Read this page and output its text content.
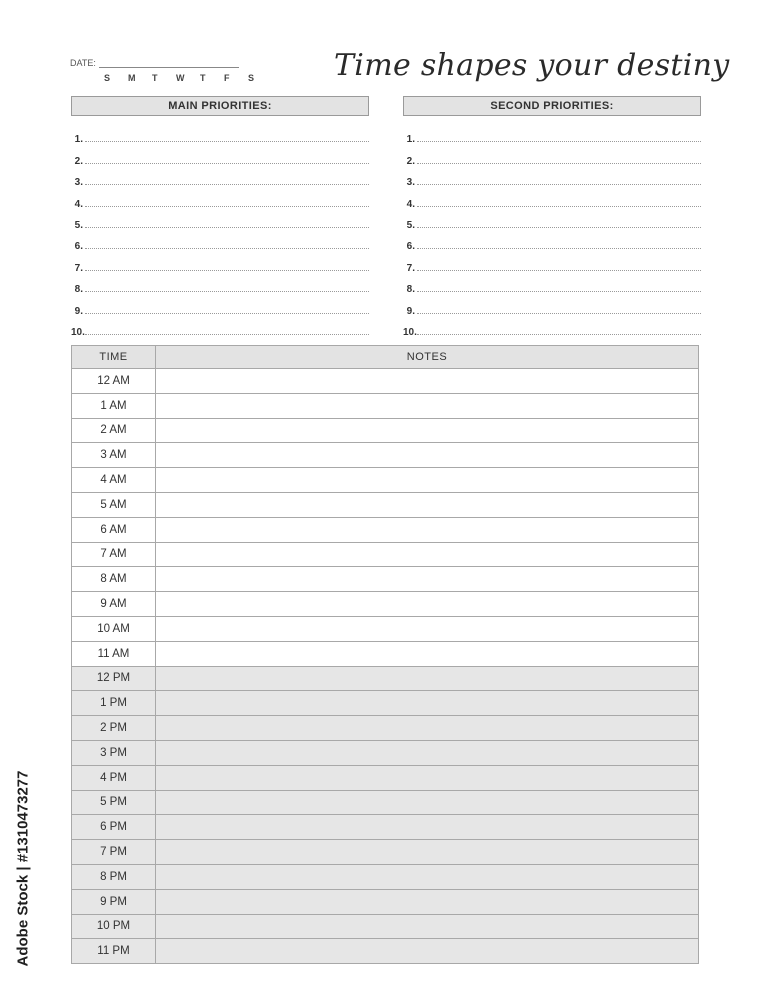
DATE:
S	M	T	W	T	F	S	Time shapes your destiny
MAIN PRIORITIES:
1.
2.
3.
4.
5.
6.
7.
8.
9.
10.
SECOND PRIORITIES:
1.
2.
3.
4.
5.
6.
7.
8.
9.
10.
TIME	NOTES
12 AM	
1 AM	
2 AM	
3 AM	
4 AM	
5 AM	
6 AM	
7 AM	
8 AM	
9 AM	
10 AM	
11 AM	
12 PM	
1 PM	
2 PM	
3 PM	
4 PM	
5 PM	
6 PM	
7 PM	
8 PM	
9 PM	
10 PM	
11 PM	
Adobe Stock | #1310473277
